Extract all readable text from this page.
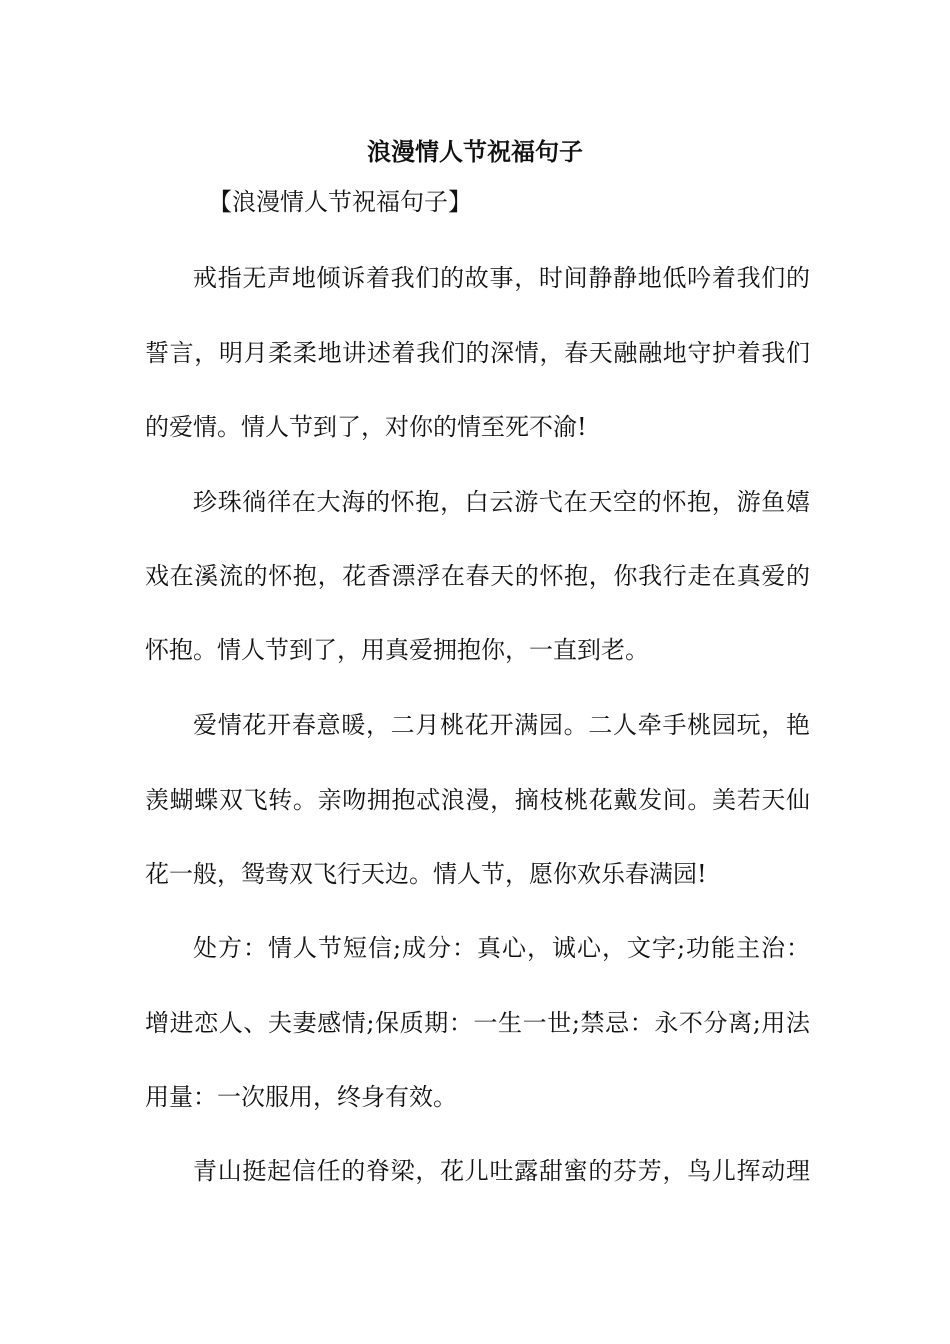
浪漫情人节祝福句子
【浪漫情人节祝福句子】
戒指无声地倾诉着我们的故事，时间静静地低吟着我们的
誓言，明月柔柔地讲述着我们的深情，春天融融地守护着我们
的爱情。情人节到了，对你的情至死不渝!
珍珠徜徉在大海的怀抱，白云游弋在天空的怀抱，游鱼嬉
戏在溪流的怀抱，花香漂浮在春天的怀抱，你我行走在真爱的
怀抱。情人节到了，用真爱拥抱你，一直到老。
爱情花开春意暖，二月桃花开满园。二人牵手桃园玩，艳
羡蝴蝶双飞转。亲吻拥抱忒浪漫，摘枝桃花戴发间。美若天仙
花一般，鸳鸯双飞行天边。情人节，愿你欢乐春满园!
处方：情人节短信;成分：真心，诚心，文字;功能主治：
增进恋人、夫妻感情;保质期：一生一世;禁忌：永不分离;用法
用量：一次服用，终身有效。
青山挺起信任的脊梁，花儿吐露甜蜜的芬芳，鸟儿挥动理
